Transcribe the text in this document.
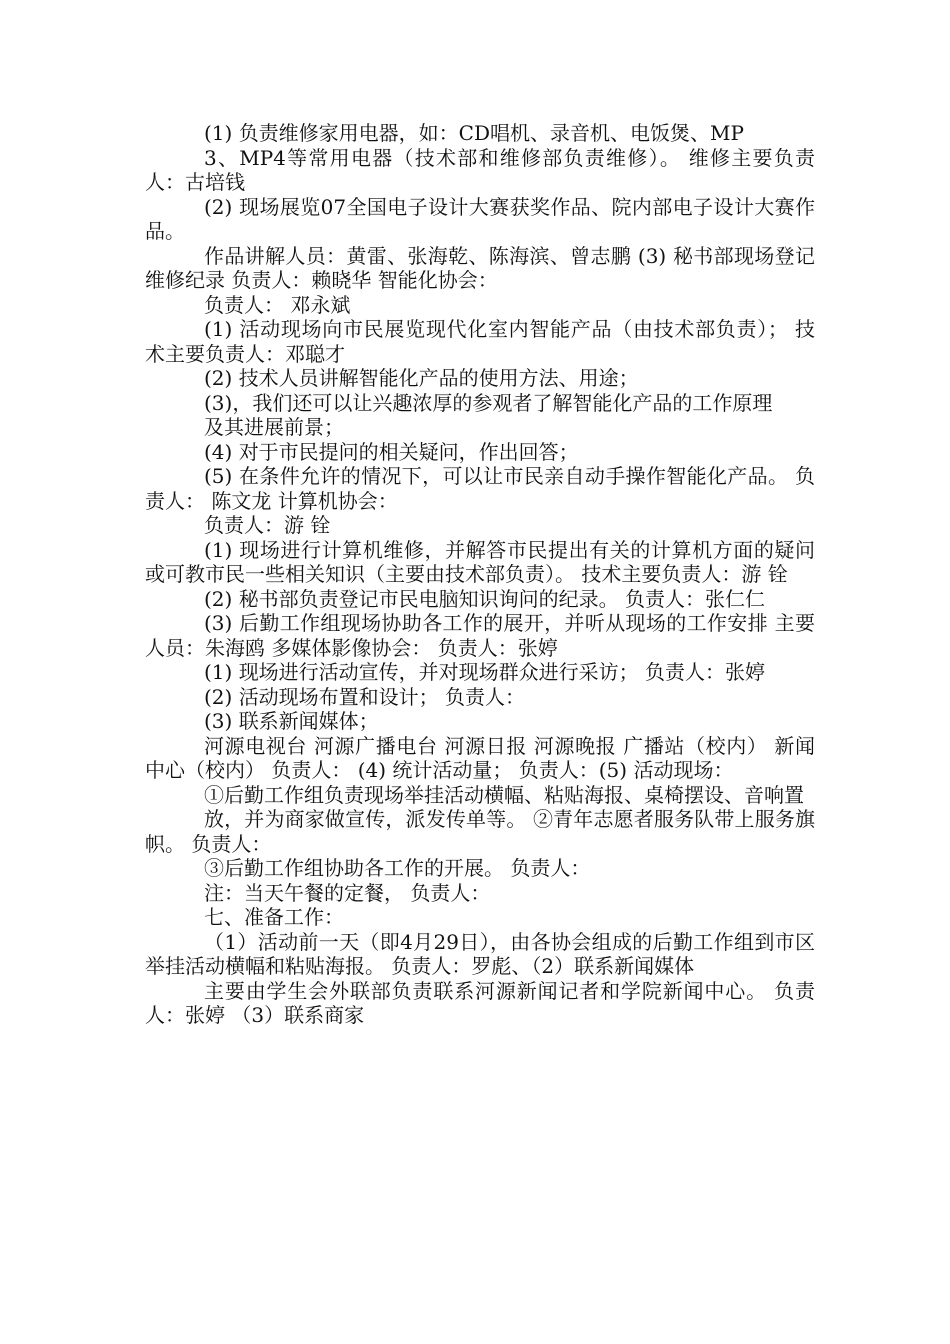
(1) 负责维修家用电器，如：CD唱机、录音机、电饭煲、MP

3、MP4等常用电器（技术部和维修部负责维修）。 维修主要负责人：古培钱

(2) 现场展览07全国电子设计大赛获奖作品、院内部电子设计大赛作品。

作品讲解人员：黄雷、张海乾、陈海滨、曾志鹏 (3) 秘书部现场登记维修纪录 负责人：赖晓华 智能化协会：

负责人： 邓永斌

(1) 活动现场向市民展览现代化室内智能产品（由技术部负责）； 技术主要负责人：邓聪才

(2) 技术人员讲解智能化产品的使用方法、用途；

(3)，我们还可以让兴趣浓厚的参观者了解智能化产品的工作原理

及其进展前景；

(4) 对于市民提问的相关疑问，作出回答；

(5) 在条件允许的情况下，可以让市民亲自动手操作智能化产品。 负责人： 陈文龙 计算机协会：

负责人：游 铨

(1) 现场进行计算机维修，并解答市民提出有关的计算机方面的疑问或可教市民一些相关知识（主要由技术部负责）。 技术主要负责人：游 铨

(2) 秘书部负责登记市民电脑知识询问的纪录。 负责人：张仁仁

(3) 后勤工作组现场协助各工作的展开，并听从现场的工作安排 主要人员：朱海鸥 多媒体影像协会： 负责人：张婷

(1) 现场进行活动宣传，并对现场群众进行采访； 负责人：张婷

(2) 活动现场布置和设计； 负责人：

(3) 联系新闻媒体；

河源电视台 河源广播电台 河源日报 河源晚报 广播站（校内） 新闻中心（校内） 负责人： (4) 统计活动量； 负责人：(5) 活动现场：

①后勤工作组负责现场举挂活动横幅、粘贴海报、桌椅摆设、音响置

放，并为商家做宣传，派发传单等。 ②青年志愿者服务队带上服务旗帜。 负责人：

③后勤工作组协助各工作的开展。 负责人：

注：当天午餐的定餐， 负责人：

七、准备工作：

（1）活动前一天（即4月29日），由各协会组成的后勤工作组到市区举挂活动横幅和粘贴海报。 负责人：罗彪、（2）联系新闻媒体

主要由学生会外联部负责联系河源新闻记者和学院新闻中心。 负责人：张婷 （3）联系商家
